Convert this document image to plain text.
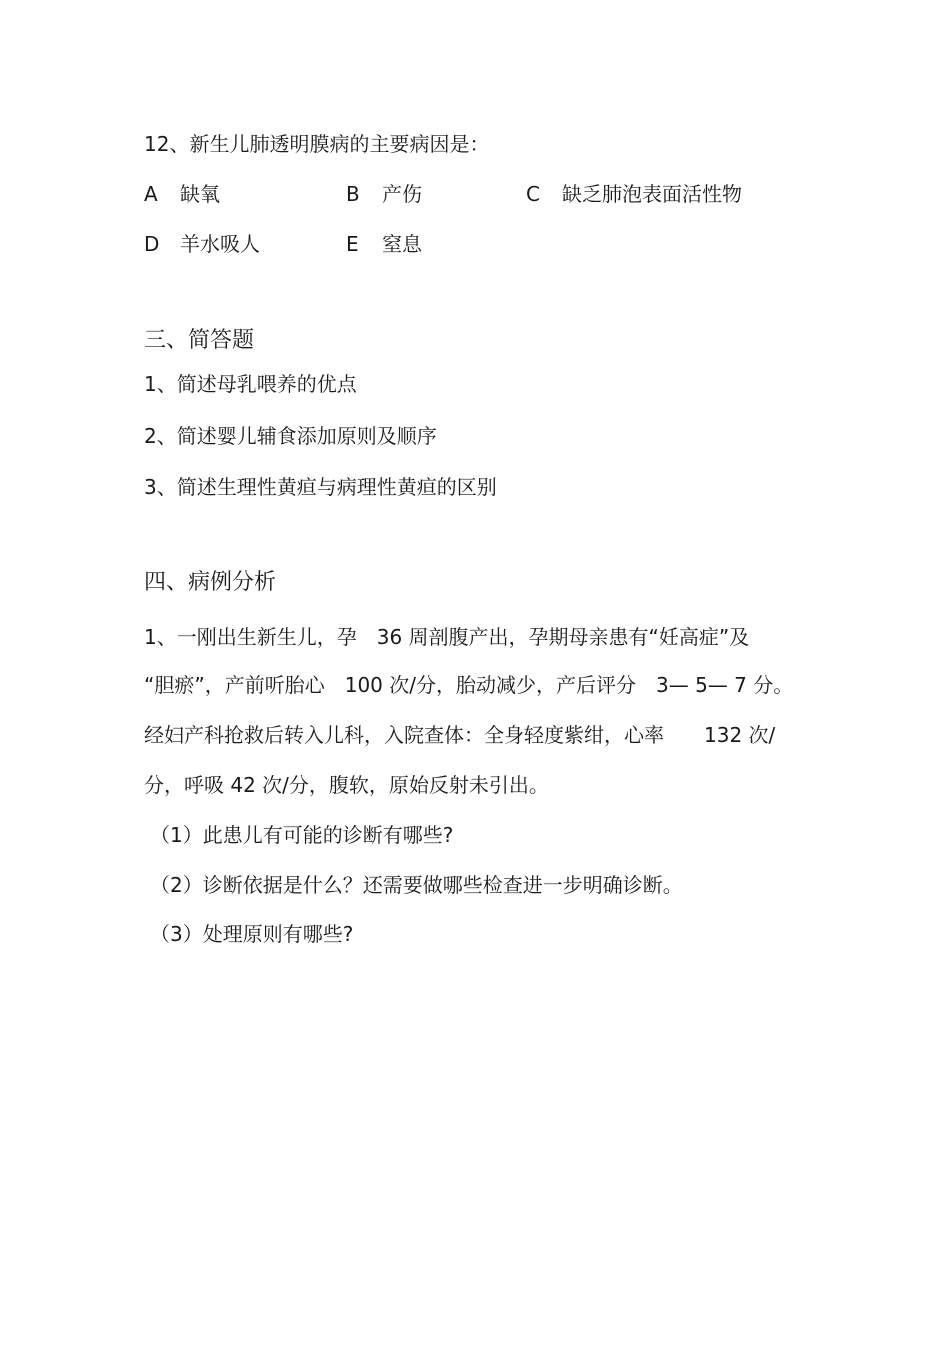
12、新生儿肺透明膜病的主要病因是：
A 缺氧	B 产伤	C 缺乏肺泡表面活性物
D 羊水吸人	E 窒息
三、简答题
1、简述母乳喂养的优点
2、简述婴儿辅食添加原则及顺序
3、简述生理性黄疸与病理性黄疸的区别
四、病例分析
1、一刚出生新生儿，孕　36 周剖腹产出，孕期母亲患有“妊高症”及
“胆瘀”，产前听胎心　100 次/分，胎动减少，产后评分　3— 5— 7 分。
经妇产科抢救后转入儿科，入院查体：全身轻度紫绀，心率　　132 次/
分，呼吸 42 次/分，腹软，原始反射未引出。
（1）此患儿有可能的诊断有哪些?
（2）诊断依据是什么？还需要做哪些检查进一步明确诊断。
（3）处理原则有哪些?
